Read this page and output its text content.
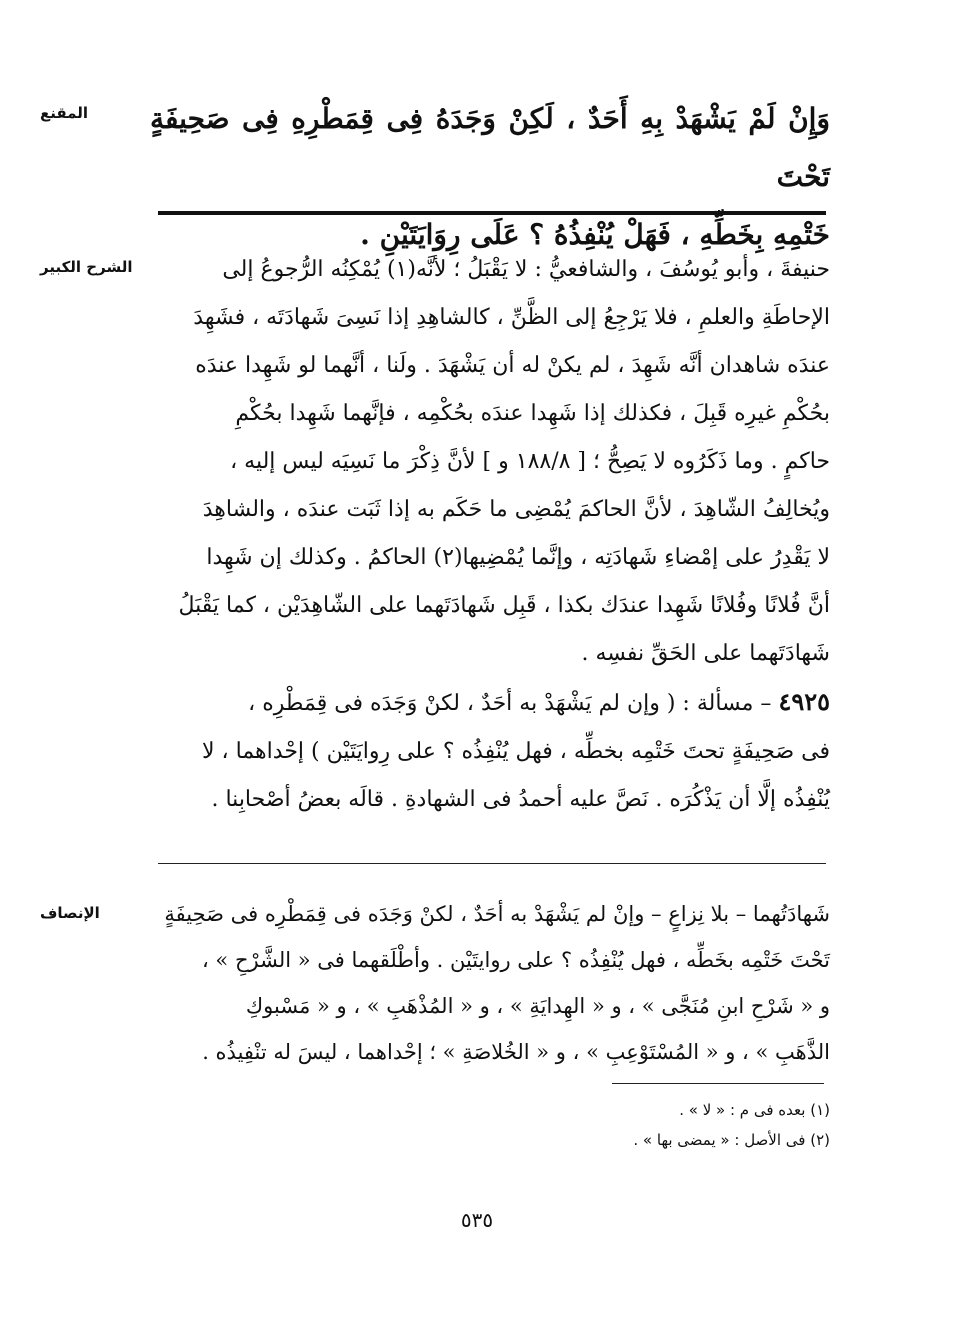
المقنع	وَإِنْ لَمْ يَشْهَدْ بِهِ أَحَدٌ ، لَكِنْ وَجَدَهُ فِى قِمَطْرِهِ فِى صَحِيفَةٍ تَحْتَ

خَتْمِهِ بِخَطِّهِ ، فَهَلْ يُنْفِذُهُ ؟ عَلَى رِوَايَتَيْنِ .

الشرح الكبير	حنيفةَ ، وأبو يُوسُفَ ، والشافعيُّ : لا يَقْبَلُ ؛ لأنَّه(١) يُمْكِنُه الرُّجوعُ إلى

الإحاطَةِ والعلمِ ، فلا يَرْجِعُ إلى الظَّنِّ ، كالشاهِدِ إذا نَسِىَ شَهادَتَه ، فشَهِدَ

عندَه شاهدان أنَّه شَهِدَ ، لم يكنْ له أن يَشْهَدَ . ولَنا ، أنَّهما لو شَهِدا عندَه

بحُكْمِ غيرِه قَبِلَ ، فكذلك إذا شَهِدا عندَه بحُكْمِه ، فإنَّهما شَهِدا بحُكْمِ

حاكمٍ . وما ذَكَرُوه لا يَصِحُّ ؛ [ ١٨٨/٨ و ] لأنَّ ذِكْرَ ما نَسِيَه ليس إليه ،

ويُخالِفُ الشّاهِدَ ، لأنَّ الحاكمَ يُمْضِى ما حَكَم به إذا ثَبَت عندَه ، والشاهِدَ

لا يَقْدِرُ على إمْضاءِ شَهادَتِه ، وإنَّما يُمْضِيها(٢) الحاكمُ . وكذلك إن شَهِدا

أنَّ فُلانًا وفُلانًا شَهِدا عندَك بكذا ، قَبِل شَهادَتَهما على الشّاهِدَيْن ، كما يَقْبَلُ

شَهادَتَهما على الحَقِّ نفسِه .

٤٩٢٥ – مسألة : ( وإن لم يَشْهَدْ به أحَدٌ ، لكنْ وَجَدَه فى قِمَطْرِه ،

فى صَحِيفَةٍ تحتَ خَتْمِه بخطِّه ، فهل يُنْفِذُه ؟ على رِوايَتَيْن ) إحْداهما ، لا

يُنْفِذُه إلَّا أن يَذْكُرَه . نَصَّ عليه أحمدُ فى الشهادةِ . قالَه بعضُ أصْحابِنا .

الإنصاف	شَهادَتُهما – بلا نِزاعٍ – وإنْ لم يَشْهَدْ به أحَدٌ ، لكنْ وَجَدَه فى قِمَطْرِه فى صَحِيفَةٍ

تَحْتَ خَتْمِه بخَطِّه ، فهل يُنْفِذُه ؟ على روايتَيْن . وأطْلَقهما فى « الشَّرْحِ » ،

و « شَرْحِ ابنِ مُنَجَّى » ، و « الهِدايَةِ » ، و « المُذْهَبِ » ، و « مَسْبوكِ

الذَّهَبِ » ، و « المُسْتَوْعِبِ » ، و « الخُلاصَةِ » ؛ إحْداهما ، ليسَ له تنْفِيذُه .

(١) بعده فى م : « لا » .

(٢) فى الأصل : « يمضى بها » .

٥٣٥
